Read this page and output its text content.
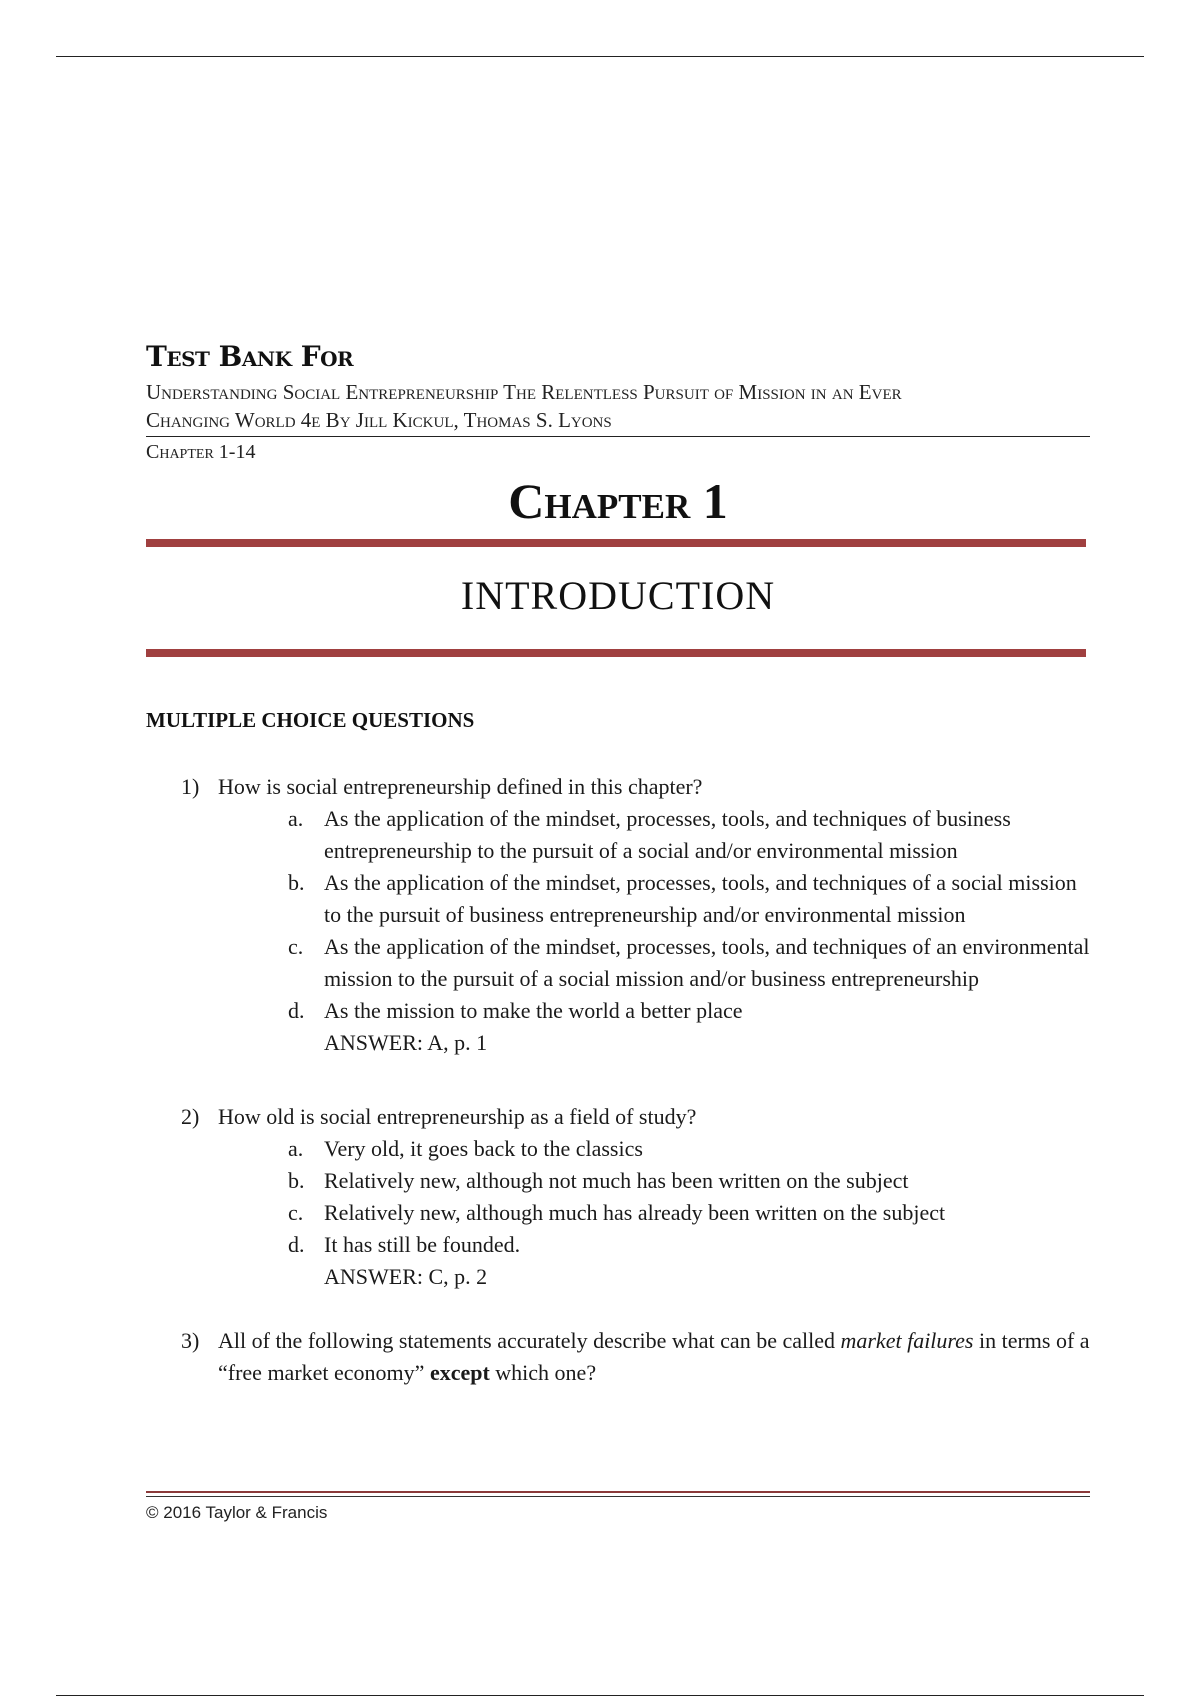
Test Bank For
Understanding Social Entrepreneurship The Relentless Pursuit of Mission in an Ever
Changing World 4e By Jill Kickul, Thomas S. Lyons
Chapter 1-14
Chapter 1
INTRODUCTION
MULTIPLE CHOICE QUESTIONS
1) How is social entrepreneurship defined in this chapter?
a. As the application of the mindset, processes, tools, and techniques of business entrepreneurship to the pursuit of a social and/or environmental mission
b. As the application of the mindset, processes, tools, and techniques of a social mission to the pursuit of business entrepreneurship and/or environmental mission
c. As the application of the mindset, processes, tools, and techniques of an environmental mission to the pursuit of a social mission and/or business entrepreneurship
d. As the mission to make the world a better place
ANSWER: A, p. 1
2) How old is social entrepreneurship as a field of study?
a. Very old, it goes back to the classics
b. Relatively new, although not much has been written on the subject
c. Relatively new, although much has already been written on the subject
d. It has still be founded.
ANSWER: C, p. 2
3) All of the following statements accurately describe what can be called market failures in terms of a “free market economy” except which one?
© 2016 Taylor & Francis
